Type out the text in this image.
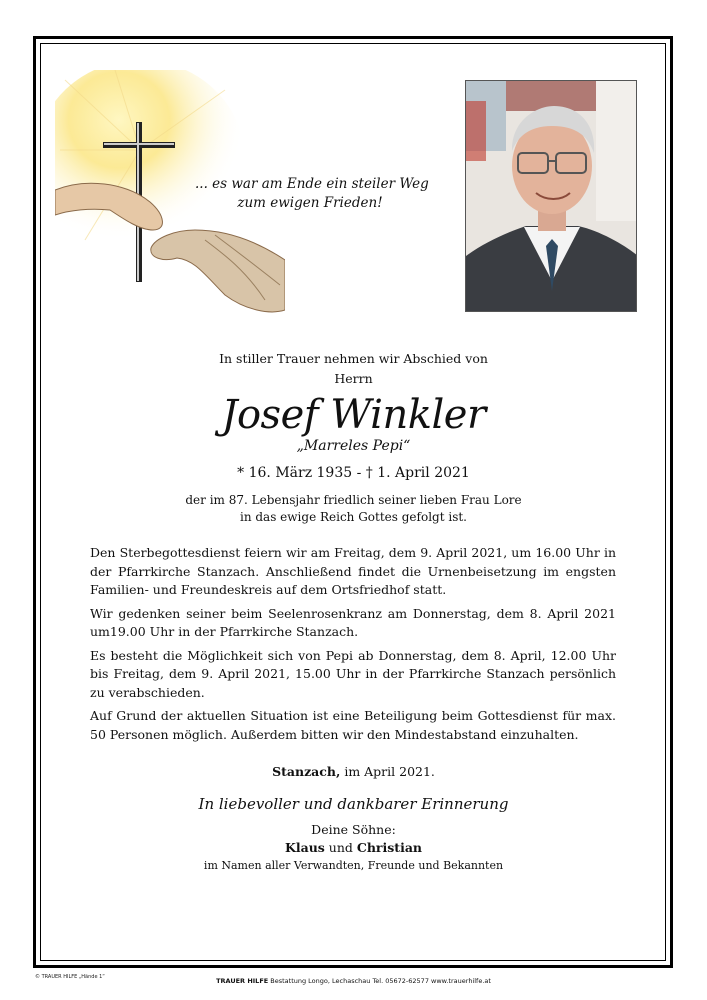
... es war am Ende ein steiler Weg
zum ewigen Frieden!
In stiller Trauer nehmen wir Abschied von
Herrn
Josef Winkler
„Marreles Pepi“
* 16. März 1935 - † 1. April 2021
der im 87. Lebensjahr friedlich seiner lieben Frau Lore
in das ewige Reich Gottes gefolgt ist.

Den Sterbegottesdienst feiern wir am Freitag, dem 9. April 2021, um 16.00 Uhr in der Pfarrkirche Stanzach. Anschließend findet die Urnenbeisetzung im engsten Familien- und Freundeskreis auf dem Ortsfriedhof statt.

Wir gedenken seiner beim Seelenrosenkranz am Donnerstag, dem 8. April 2021 um19.00 Uhr in der Pfarrkirche Stanzach.

Es besteht die Möglichkeit sich von Pepi ab Donnerstag, dem 8. April, 12.00 Uhr bis Freitag, dem 9. April 2021, 15.00 Uhr in der Pfarrkirche Stanzach persönlich zu verabschieden.

Auf Grund der aktuellen Situation ist eine Beteiligung beim Gottesdienst für max. 50 Personen möglich. Außerdem bitten wir den Mindestabstand einzuhalten.

Stanzach, im April 2021.
In liebevoller und dankbarer Erinnerung
Deine Söhne:
Klaus und Christian
im Namen aller Verwandten, Freunde und Bekannten
© TRAUER HILFE „Hände 1“	TRAUER HILFE Bestattung Longo, Lechaschau Tel. 05672-62577 www.trauerhilfe.at
